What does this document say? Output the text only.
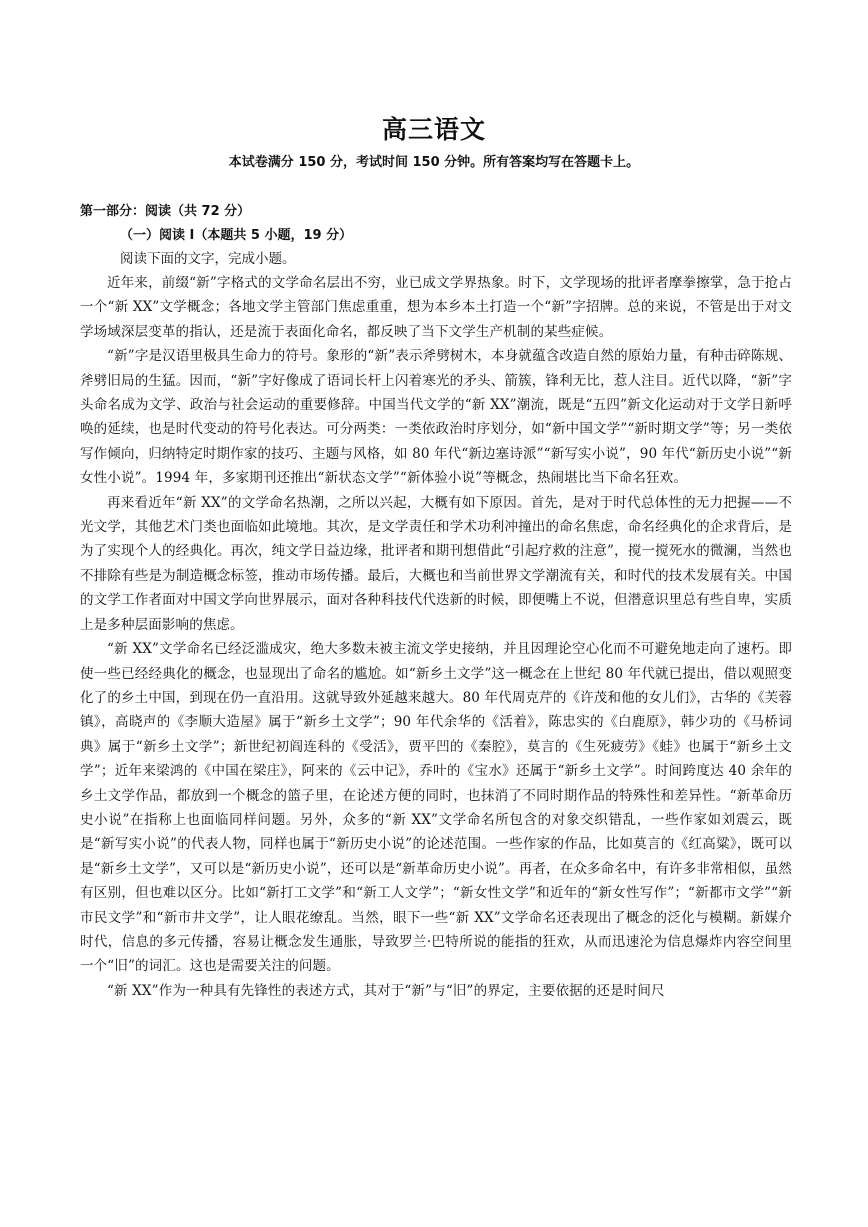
高三语文
本试卷满分 150 分，考试时间 150 分钟。所有答案均写在答题卡上。
第一部分：阅读（共 72 分）
（一）阅读 I（本题共 5 小题，19 分）
阅读下面的文字，完成小题。

近年来，前缀“新”字格式的文学命名层出不穷，业已成文学界热象。时下，文学现场的批评者摩拳擦掌，急于抢占一个“新 XX”文学概念；各地文学主管部门焦虑重重，想为本乡本土打造一个“新”字招牌。总的来说，不管是出于对文学场域深层变革的指认，还是流于表面化命名，都反映了当下文学生产机制的某些症候。

“新”字是汉语里极具生命力的符号。象形的“新”表示斧劈树木，本身就蕴含改造自然的原始力量，有种击碎陈规、斧劈旧局的生猛。因而，“新”字好像成了语词长杆上闪着寒光的矛头、箭簇，锋利无比，惹人注目。近代以降，“新”字头命名成为文学、政治与社会运动的重要修辞。中国当代文学的“新 XX”潮流，既是“五四”新文化运动对于文学日新呼唤的延续，也是时代变动的符号化表达。可分两类：一类依政治时序划分，如“新中国文学”“新时期文学”等；另一类依写作倾向，归纳特定时期作家的技巧、主题与风格，如 80 年代“新边塞诗派”“新写实小说”，90 年代“新历史小说”“新女性小说”。1994 年，多家期刊还推出“新状态文学”“新体验小说”等概念，热闹堪比当下命名狂欢。

再来看近年“新 XX”的文学命名热潮，之所以兴起，大概有如下原因。首先，是对于时代总体性的无力把握——不光文学，其他艺术门类也面临如此境地。其次，是文学责任和学术功利冲撞出的命名焦虑，命名经典化的企求背后，是为了实现个人的经典化。再次，纯文学日益边缘，批评者和期刊想借此“引起疗救的注意”，搅一搅死水的微澜，当然也不排除有些是为制造概念标签，推动市场传播。最后，大概也和当前世界文学潮流有关，和时代的技术发展有关。中国的文学工作者面对中国文学向世界展示，面对各种科技代代迭新的时候，即便嘴上不说，但潜意识里总有些自卑，实质上是多种层面影响的焦虑。

“新 XX”文学命名已经泛滥成灾，绝大多数未被主流文学史接纳，并且因理论空心化而不可避免地走向了速朽。即使一些已经经典化的概念，也显现出了命名的尴尬。如“新乡土文学”这一概念在上世纪 80 年代就已提出，借以观照变化了的乡土中国，到现在仍一直沿用。这就导致外延越来越大。80 年代周克芹的《许茂和他的女儿们》，古华的《芙蓉镇》，高晓声的《李顺大造屋》属于“新乡土文学”；90 年代余华的《活着》，陈忠实的《白鹿原》，韩少功的《马桥词典》属于“新乡土文学”；新世纪初阎连科的《受活》，贾平凹的《秦腔》，莫言的《生死疲劳》《蛙》也属于“新乡土文学”；近年来梁鸿的《中国在梁庄》，阿来的《云中记》，乔叶的《宝水》还属于“新乡土文学”。时间跨度达 40 余年的乡土文学作品，都放到一个概念的篮子里，在论述方便的同时，也抹消了不同时期作品的特殊性和差异性。“新革命历史小说”在指称上也面临同样问题。另外，众多的“新 XX”文学命名所包含的对象交织错乱，一些作家如刘震云，既是“新写实小说”的代表人物，同样也属于“新历史小说”的论述范围。一些作家的作品，比如莫言的《红高粱》，既可以是“新乡土文学”，又可以是“新历史小说”，还可以是“新革命历史小说”。再者，在众多命名中，有许多非常相似，虽然有区别，但也难以区分。比如“新打工文学”和“新工人文学”；“新女性文学”和近年的“新女性写作”；“新都市文学”“新市民文学”和“新市井文学”，让人眼花缭乱。当然，眼下一些“新 XX”文学命名还表现出了概念的泛化与模糊。新媒介时代，信息的多元传播，容易让概念发生通胀，导致罗兰·巴特所说的能指的狂欢，从而迅速沦为信息爆炸内容空间里一个“旧”的词汇。这也是需要关注的问题。

“新 XX”作为一种具有先锋性的表述方式，其对于“新”与“旧”的界定，主要依据的还是时间尺
